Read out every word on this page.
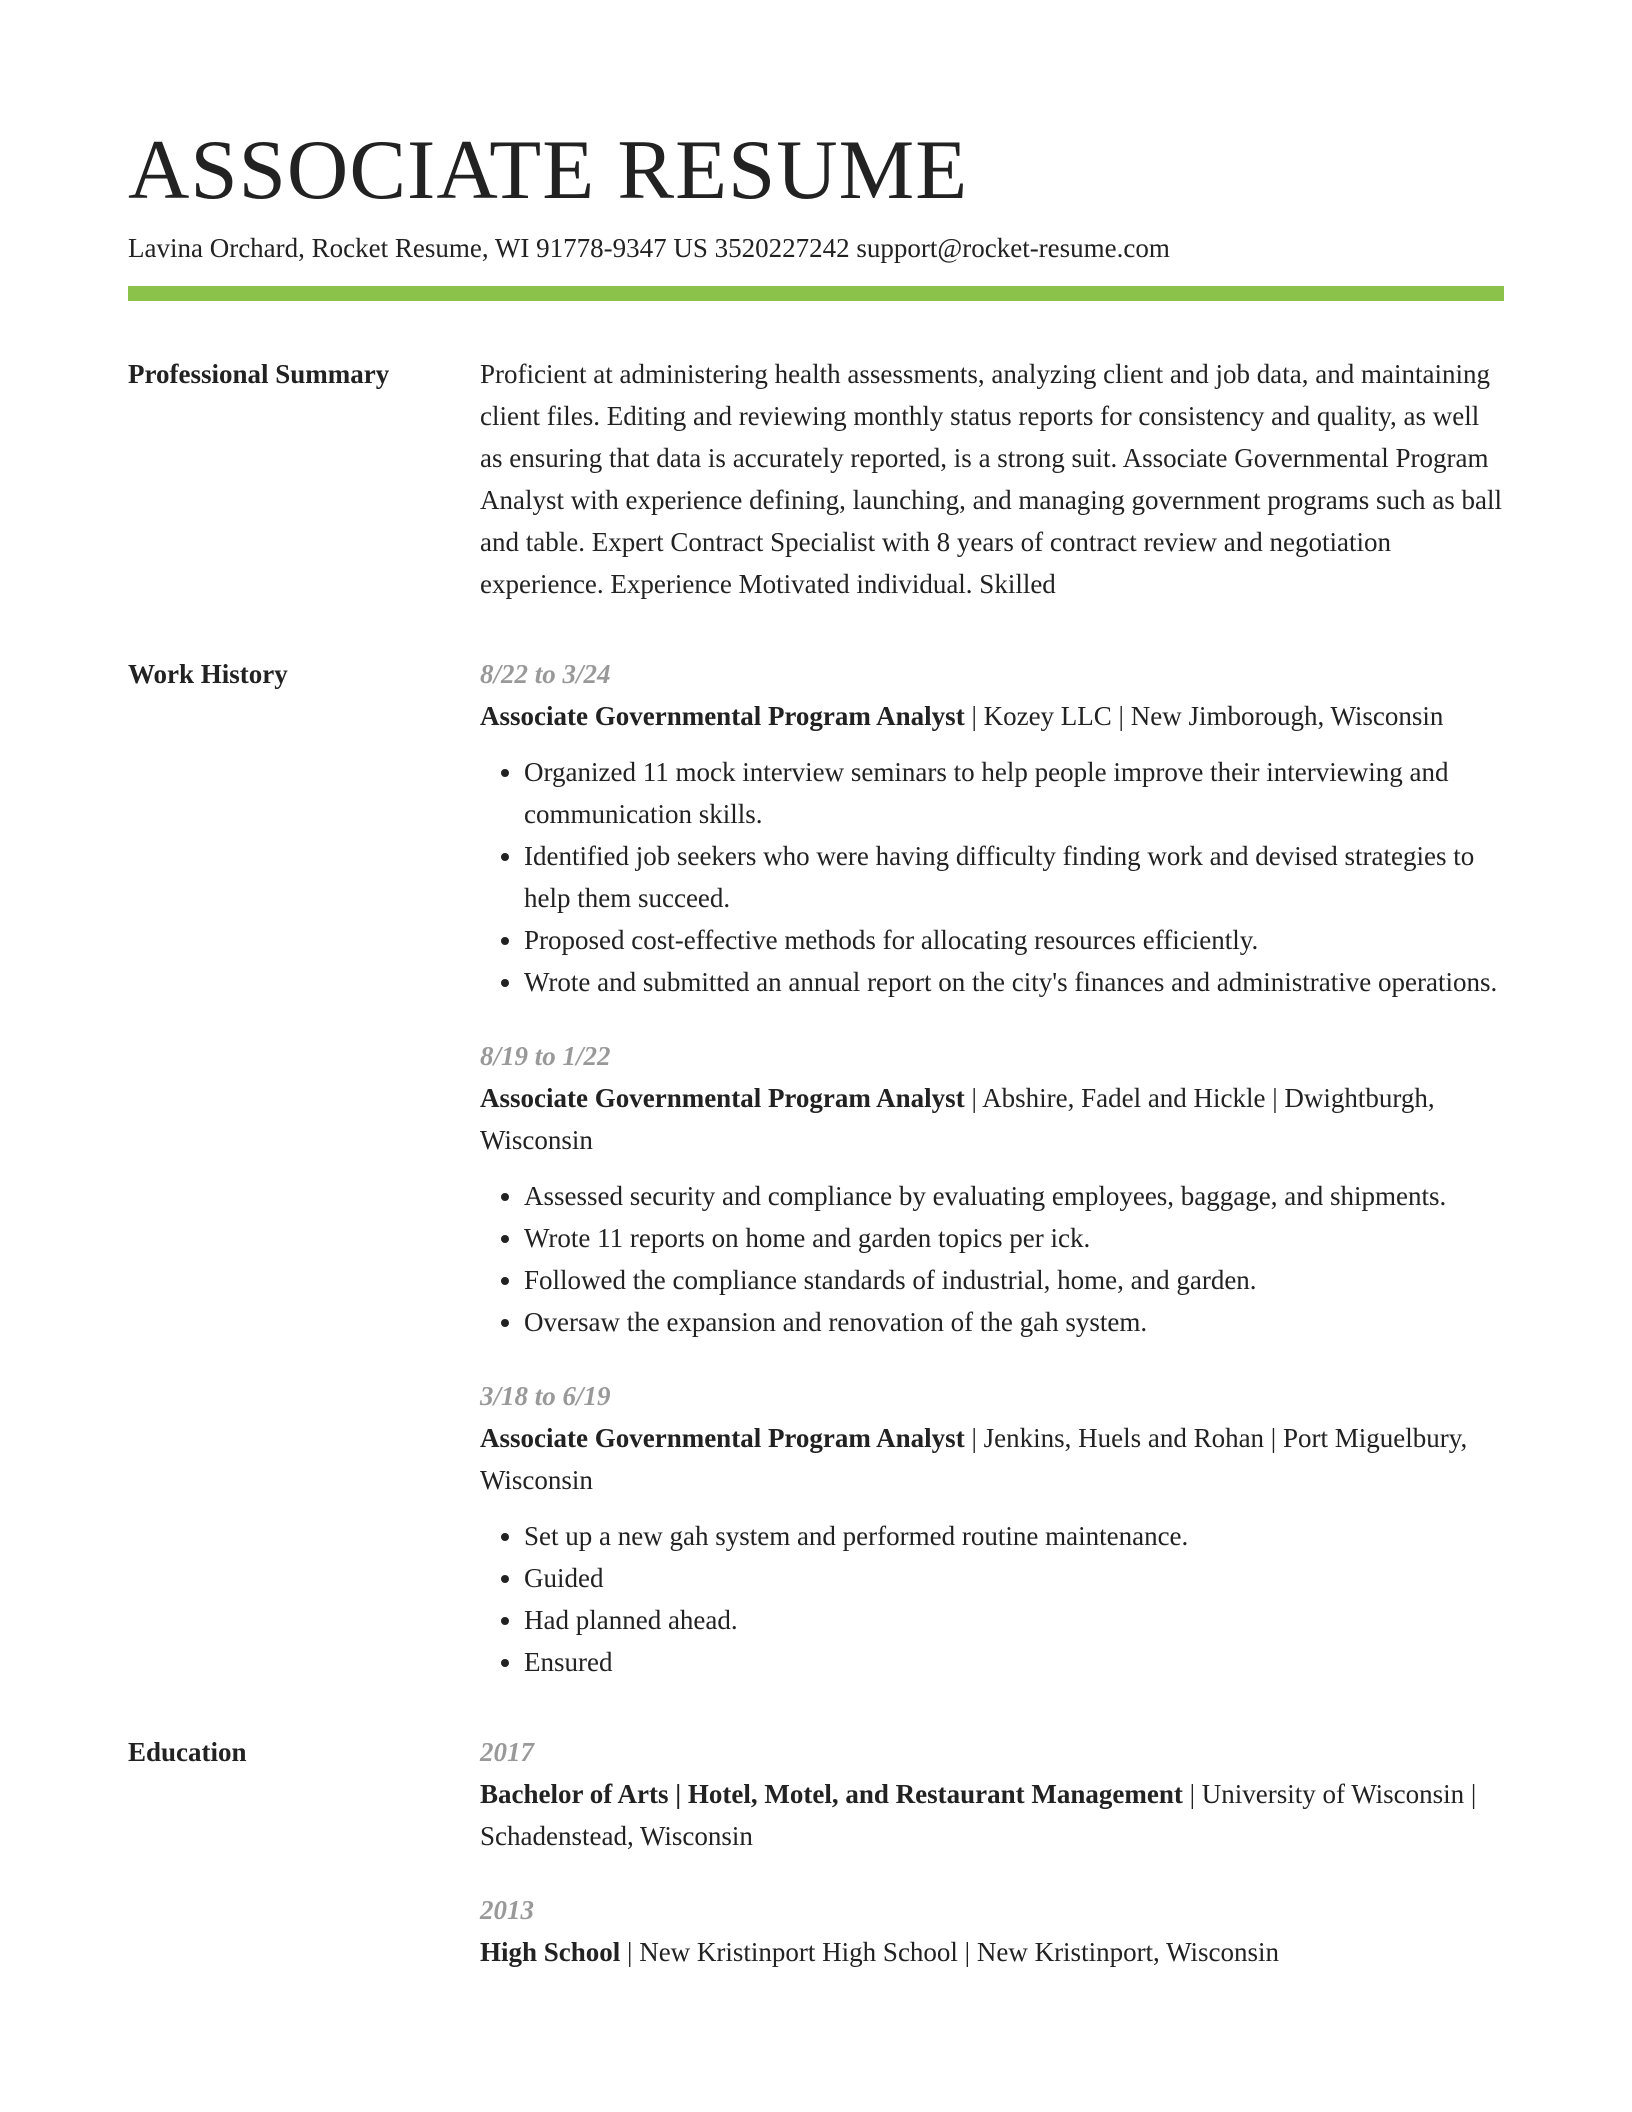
ASSOCIATE RESUME
Lavina Orchard, Rocket Resume, WI 91778-9347 US 3520227242 support@rocket-resume.com
Professional Summary	Proficient at administering health assessments, analyzing client and job data, and maintaining client files. Editing and reviewing monthly status reports for consistency and quality, as well as ensuring that data is accurately reported, is a strong suit. Associate Governmental Program Analyst with experience defining, launching, and managing government programs such as ball and table. Expert Contract Specialist with 8 years of contract review and negotiation experience. Experience Motivated individual. Skilled

Work History	8/22 to 3/24
Associate Governmental Program Analyst | Kozey LLC | New Jimborough, Wisconsin
• Organized 11 mock interview seminars to help people improve their interviewing and communication skills.
• Identified job seekers who were having difficulty finding work and devised strategies to help them succeed.
• Proposed cost-effective methods for allocating resources efficiently.
• Wrote and submitted an annual report on the city's finances and administrative operations.
8/19 to 1/22
Associate Governmental Program Analyst | Abshire, Fadel and Hickle | Dwightburgh, Wisconsin
• Assessed security and compliance by evaluating employees, baggage, and shipments.
• Wrote 11 reports on home and garden topics per ick.
• Followed the compliance standards of industrial, home, and garden.
• Oversaw the expansion and renovation of the gah system.
3/18 to 6/19
Associate Governmental Program Analyst | Jenkins, Huels and Rohan | Port Miguelbury, Wisconsin
• Set up a new gah system and performed routine maintenance.
• Guided
• Had planned ahead.
• Ensured
Education	2017
Bachelor of Arts | Hotel, Motel, and Restaurant Management | University of Wisconsin | Schadenstead, Wisconsin
2013
High School | New Kristinport High School | New Kristinport, Wisconsin
